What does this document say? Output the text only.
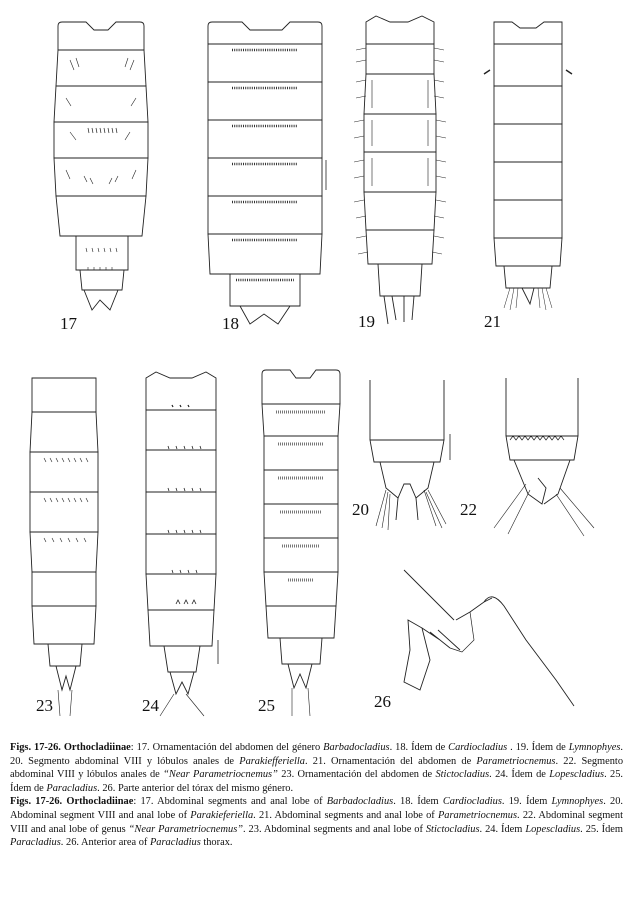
17	18	19	21
23	24	25
20	22
26

Figs. 17-26. Orthocladiinae: 17. Ornamentación del abdomen del género Barbadocladius. 18. Ídem de Cardiocladius . 19. Ídem de Lymnophyes. 20. Segmento abdominal VIII y lóbulos anales de Parakiefferiella. 21. Ornamentación del abdomen de Parametriocnemus. 22. Segmento abdominal VIII y lóbulos anales de “Near Parametriocnemus” 23. Ornamentación del abdomen de Stictocladius. 24. Ídem de Lopescladius. 25. Ídem de Paracladius. 26. Parte anterior del tórax del mismo género.

Figs. 17-26. Orthocladiinae: 17. Abdominal segments and anal lobe of Barbadocladius. 18. Ídem Cardiocladius. 19. Ídem Lymnophyes. 20. Abdominal segment VIII and anal lobe of Parakieferiella. 21. Abdominal segments and anal lobe of Parametriocnemus. 22. Abdominal segment VIII and anal lobe of genus “Near Parametriocnemus”. 23. Abdominal segments and anal lobe of Stictocladius. 24. Ídem Lopescladius. 25. Ídem Paracladius. 26. Anterior area of Paracladius thorax.
